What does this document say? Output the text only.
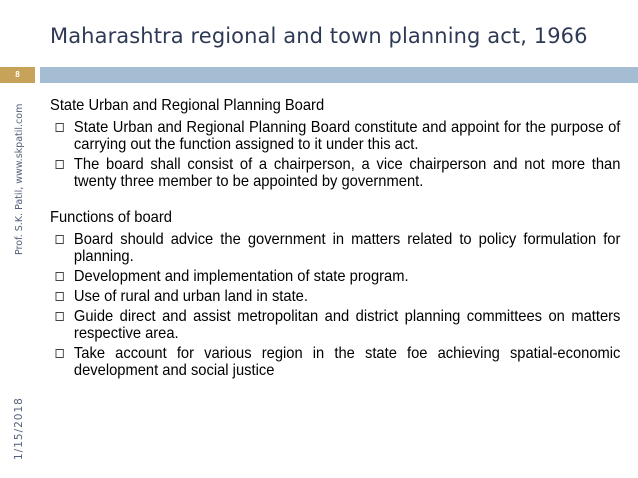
Maharashtra regional and town planning act, 1966
8
Prof. S.K. Patil, www.skpatil.com
1/15/2018

State Urban and Regional Planning Board

State Urban and Regional Planning Board constitute and appoint for the purpose of carrying out the function assigned to it under this act.
The board shall consist of a chairperson, a vice chairperson and not more than twenty three member to be appointed by government.

Functions of board

Board should advice the government in matters related to policy formulation for planning.
Development and implementation of state program.
Use of rural and urban land in state.
Guide direct and assist metropolitan and district planning committees on matters respective area.
Take account for various region in the state foe achieving spatial-economic development and social justice
